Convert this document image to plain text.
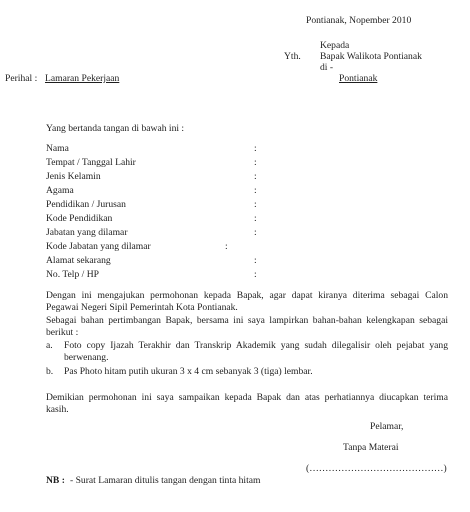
Pontianak, Nopember 2010
Kepada
Yth. Bapak Walikota Pontianak
di -
Pontianak
Perihal : Lamaran Pekerjaan
Yang bertanda tangan di bawah ini :
Nama	:
Tempat / Tanggal Lahir	:
Jenis Kelamin	:
Agama	:
Pendidikan / Jurusan	:
Kode Pendidikan	:
Jabatan yang dilamar	:
Kode Jabatan yang dilamar	:
Alamat sekarang	:
No. Telp / HP	:
Dengan ini mengajukan permohonan kepada Bapak, agar dapat kiranya diterima sebagai Calon
Pegawai Negeri Sipil Pemerintah Kota Pontianak.
Sebagai bahan pertimbangan Bapak, bersama ini saya lampirkan bahan-bahan kelengkapan sebagai
berikut :
a. Foto copy Ijazah Terakhir dan Transkrip Akademik yang sudah dilegalisir oleh pejabat yang
berwenang.
b. Pas Photo hitam putih ukuran 3 x 4 cm sebanyak 3 (tiga) lembar.
Demikian permohonan ini saya sampaikan kepada Bapak dan atas perhatiannya diucapkan terima
kasih.
Pelamar,
Tanpa Materai
(……………………………………)
NB : - Surat Lamaran ditulis tangan dengan tinta hitam
